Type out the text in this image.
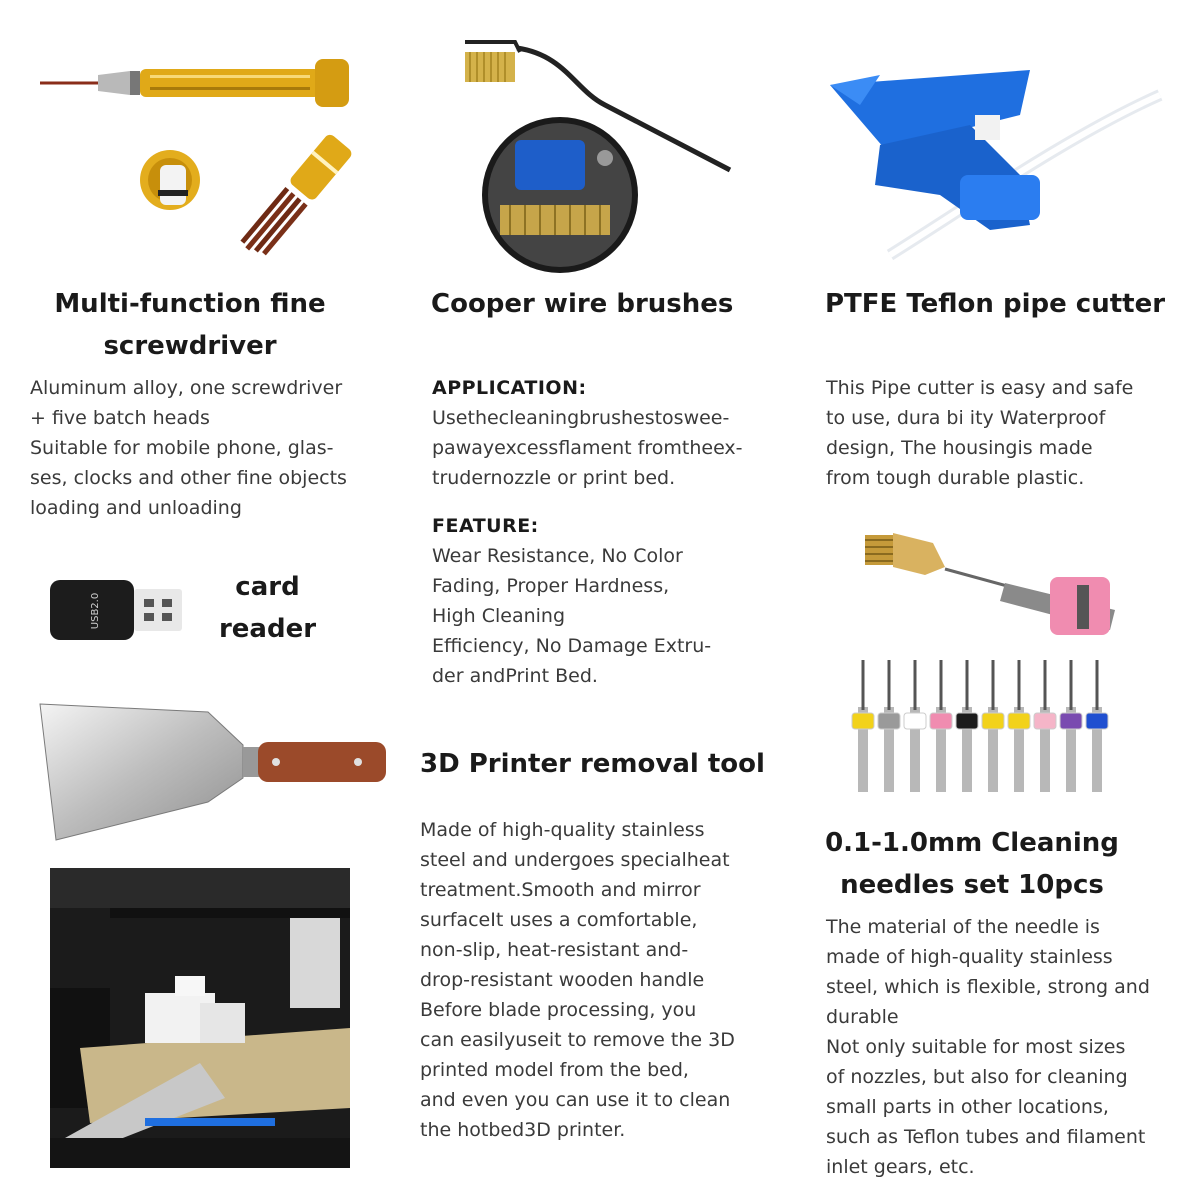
Multi-function fine
screwdriver
Aluminum alloy, one screwdriver
+ five batch heads
Suitable for mobile phone, glas-
ses, clocks and other fine objects
loading and unloading
Cooper wire brushes
APPLICATION:
Usethecleaningbrushestoswee-
pawayexcessflament fromtheex-
trudernozzle or print bed.
FEATURE:
Wear Resistance, No Color
Fading, Proper Hardness,
High Cleaning
Efficiency, No Damage Extru-
der andPrint Bed.
PTFE Teflon pipe cutter
This Pipe cutter is easy and safe
to use, dura bi ity Waterproof
design, The housingis made
from tough durable plastic.
USB2.0
card
reader
3D Printer removal tool
Made of high-quality stainless
steel and undergoes specialheat
treatment.Smooth and mirror
surfaceIt uses a comfortable,
non-slip, heat-resistant and-
drop-resistant wooden handle
Before blade processing, you
can easilyuseit to remove the 3D
printed model from the bed,
and even you can use it to clean
the hotbed3D printer.
0.1-1.0mm Cleaning
needles set 10pcs
The material of the needle is
made of high-quality stainless
steel, which is flexible, strong and
durable
Not only suitable for most sizes
of nozzles, but also for cleaning
small parts in other locations,
such as Teflon tubes and filament
inlet gears, etc.
